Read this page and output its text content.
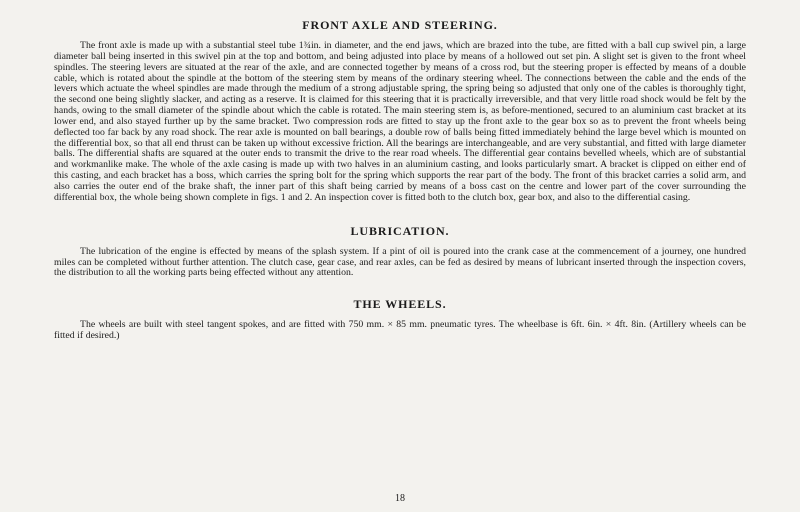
FRONT AXLE AND STEERING.

The front axle is made up with a substantial steel tube 1¾in. in diameter, and the end jaws, which are brazed into the tube, are fitted with a ball cup swivel pin, a large diameter ball being inserted in this swivel pin at the top and bottom, and being adjusted into place by means of a hollowed out set pin. A slight set is given to the front wheel spindles. The steering levers are situated at the rear of the axle, and are connected together by means of a cross rod, but the steering proper is effected by means of a double cable, which is rotated about the spindle at the bottom of the steering stem by means of the ordinary steering wheel. The connections between the cable and the ends of the levers which actuate the wheel spindles are made through the medium of a strong adjustable spring, the spring being so adjusted that only one of the cables is thoroughly tight, the second one being slightly slacker, and acting as a reserve. It is claimed for this steering that it is practically irreversible, and that very little road shock would be felt by the hands, owing to the small diameter of the spindle about which the cable is rotated. The main steering stem is, as before-mentioned, secured to an aluminium cast bracket at its lower end, and also stayed further up by the same bracket. Two compression rods are fitted to stay up the front axle to the gear box so as to prevent the front wheels being deflected too far back by any road shock. The rear axle is mounted on ball bearings, a double row of balls being fitted immediately behind the large bevel which is mounted on the differential box, so that all end thrust can be taken up without excessive friction. All the bearings are interchangeable, and are very substantial, and fitted with large diameter balls. The differential shafts are squared at the outer ends to transmit the drive to the rear road wheels. The differential gear contains bevelled wheels, which are of substantial and workmanlike make. The whole of the axle casing is made up with two halves in an aluminium casting, and looks particularly smart. A bracket is clipped on either end of this casting, and each bracket has a boss, which carries the spring bolt for the spring which supports the rear part of the body. The front of this bracket carries a solid arm, and also carries the outer end of the brake shaft, the inner part of this shaft being carried by means of a boss cast on the centre and lower part of the cover surrounding the differential box, the whole being shown complete in figs. 1 and 2. An inspection cover is fitted both to the clutch box, gear box, and also to the differential casing.

LUBRICATION.

The lubrication of the engine is effected by means of the splash system. If a pint of oil is poured into the crank case at the commencement of a journey, one hundred miles can be completed without further attention. The clutch case, gear case, and rear axles, can be fed as desired by means of lubricant inserted through the inspection covers, the distribution to all the working parts being effected without any attention.

THE WHEELS.

The wheels are built with steel tangent spokes, and are fitted with 750 mm. × 85 mm. pneumatic tyres. The wheelbase is 6ft. 6in. × 4ft. 8in. (Artillery wheels can be fitted if desired.)

18
